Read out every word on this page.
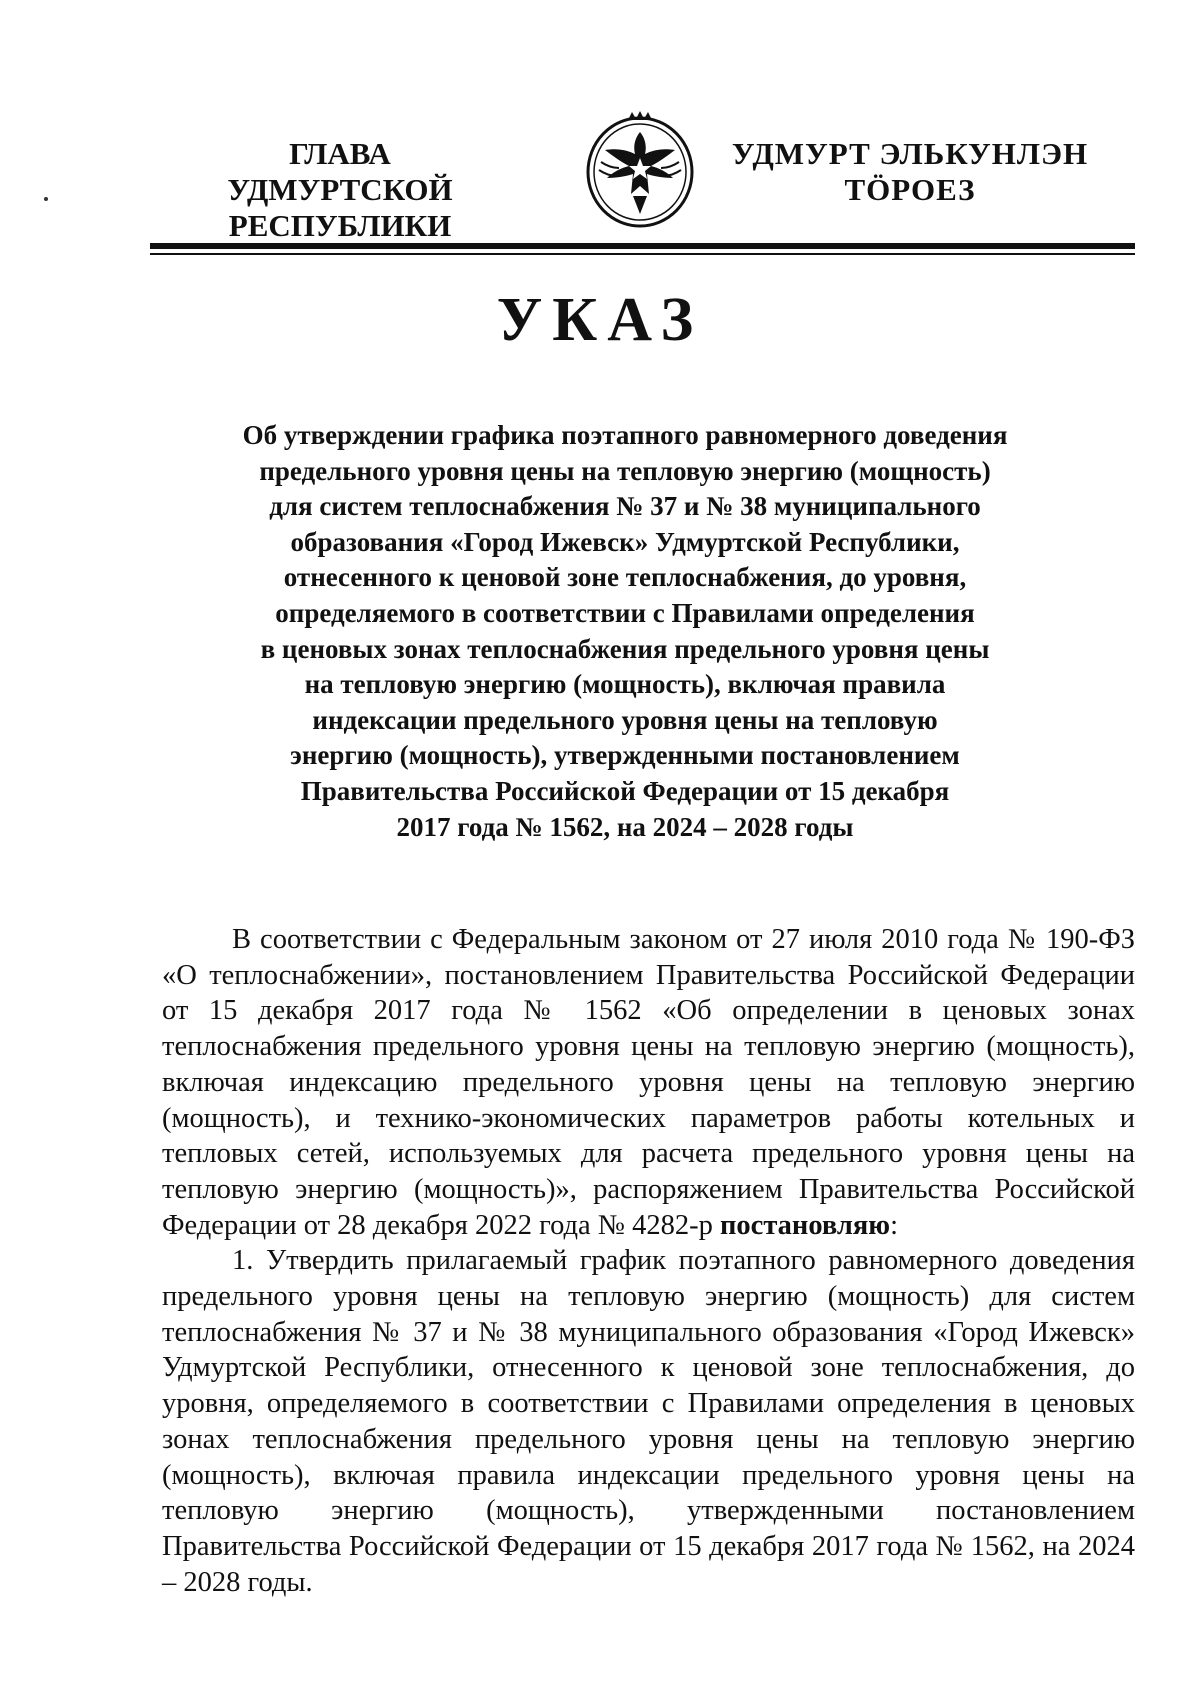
ГЛАВА
УДМУРТСКОЙ РЕСПУБЛИКИ
УДМУРТ ЭЛЬКУНЛЭН
ТӦРОЕЗ
УКАЗ
Об утверждении графика поэтапного равномерного доведения
предельного уровня цены на тепловую энергию (мощность)
для систем теплоснабжения № 37 и № 38 муниципального
образования «Город Ижевск» Удмуртской Республики,
отнесенного к ценовой зоне теплоснабжения, до уровня,
определяемого в соответствии с Правилами определения
в ценовых зонах теплоснабжения предельного уровня цены
на тепловую энергию (мощность), включая правила
индексации предельного уровня цены на тепловую
энергию (мощность), утвержденными постановлением
Правительства Российской Федерации от 15 декабря
2017 года № 1562, на 2024 – 2028 годы

В соответствии с Федеральным законом от 27 июля 2010 года № 190-ФЗ «О теплоснабжении», постановлением Правительства Российской Федерации от 15 декабря 2017 года № 1562 «Об определении в ценовых зонах теплоснабжения предельного уровня цены на тепловую энергию (мощность), включая индексацию предельного уровня цены на тепловую энергию (мощность), и технико-экономических параметров работы котельных и тепловых сетей, используемых для расчета предельного уровня цены на тепловую энергию (мощность)», распоряжением Правительства Российской Федерации от 28 декабря 2022 года № 4282-р постановляю:

1. Утвердить прилагаемый график поэтапного равномерного доведения предельного уровня цены на тепловую энергию (мощность) для систем теплоснабжения № 37 и № 38 муниципального образования «Город Ижевск» Удмуртской Республики, отнесенного к ценовой зоне теплоснабжения, до уровня, определяемого в соответствии с Правилами определения в ценовых зонах теплоснабжения предельного уровня цены на тепловую энергию (мощность), включая правила индексации предельного уровня цены на тепловую энергию (мощность), утвержденными постановлением Правительства Российской Федерации от 15 декабря 2017 года № 1562, на 2024 – 2028 годы.
